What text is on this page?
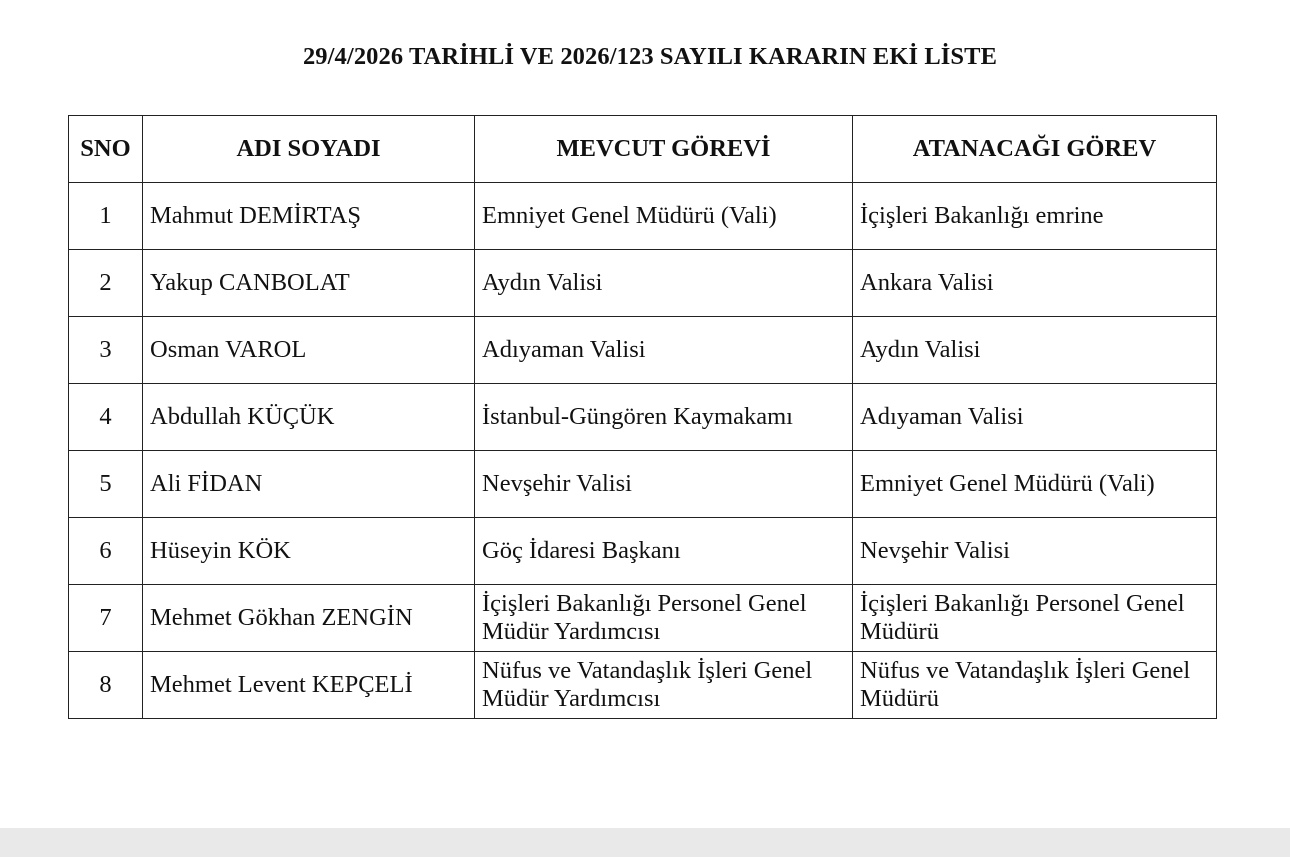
29/4/2026 TARİHLİ VE 2026/123 SAYILI KARARIN EKİ LİSTE
SNO	ADI SOYADI	MEVCUT GÖREVİ	ATANACAĞI GÖREV
1	Mahmut DEMİRTAŞ	Emniyet Genel Müdürü (Vali)	İçişleri Bakanlığı emrine
2	Yakup CANBOLAT	Aydın Valisi	Ankara Valisi
3	Osman VAROL	Adıyaman Valisi	Aydın Valisi
4	Abdullah KÜÇÜK	İstanbul-Güngören Kaymakamı	Adıyaman Valisi
5	Ali FİDAN	Nevşehir Valisi	Emniyet Genel Müdürü (Vali)
6	Hüseyin KÖK	Göç İdaresi Başkanı	Nevşehir Valisi
7	Mehmet Gökhan ZENGİN	İçişleri Bakanlığı Personel Genel Müdür Yardımcısı	İçişleri Bakanlığı Personel Genel Müdürü
8	Mehmet Levent KEPÇELİ	Nüfus ve Vatandaşlık İşleri Genel Müdür Yardımcısı	Nüfus ve Vatandaşlık İşleri Genel Müdürü
